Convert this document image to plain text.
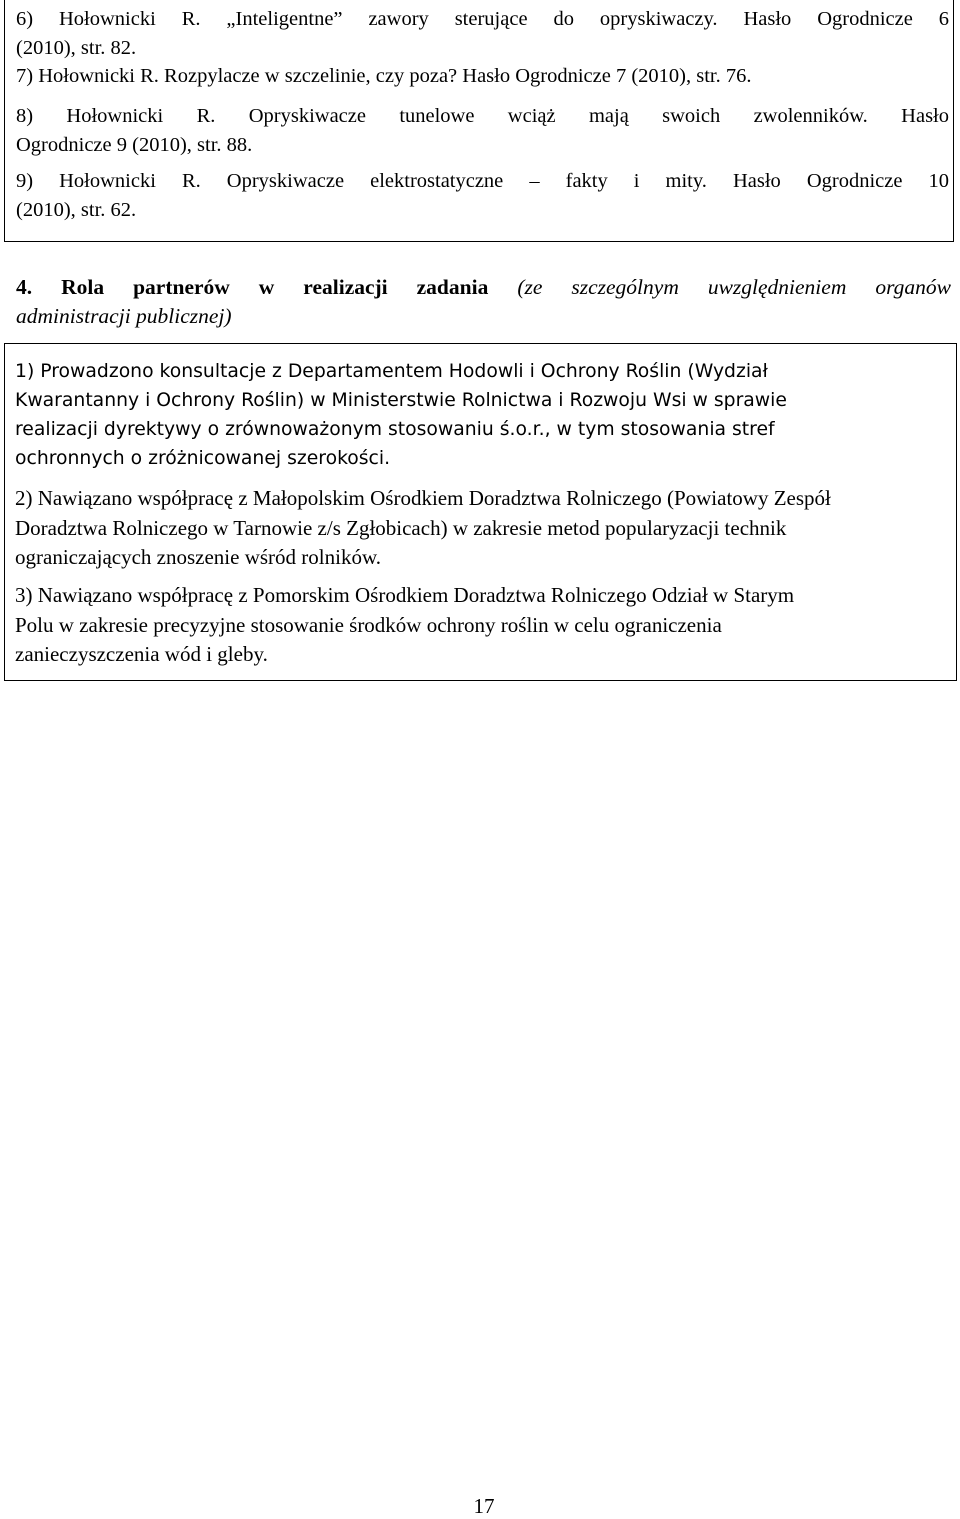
6) Hołownicki R. „Inteligentne” zawory sterujące do opryskiwaczy. Hasło Ogrodnicze 6
(2010), str. 82.
7) Hołownicki R. Rozpylacze w szczelinie, czy poza? Hasło Ogrodnicze 7 (2010), str. 76.
8) Hołownicki R. Opryskiwacze tunelowe wciąż mają swoich zwolenników. Hasło
Ogrodnicze 9 (2010), str. 88.
9) Hołownicki R. Opryskiwacze elektrostatyczne – fakty i mity. Hasło Ogrodnicze 10
(2010), str. 62.
4. Rola partnerów w realizacji zadania (ze szczególnym uwzględnieniem organów
administracji publicznej)
1) Prowadzono konsultacje z Departamentem Hodowli i Ochrony Roślin (Wydział
Kwarantanny i Ochrony Roślin) w Ministerstwie Rolnictwa i Rozwoju Wsi w sprawie
realizacji dyrektywy o zrównoważonym stosowaniu ś.o.r., w tym stosowania stref
ochronnych o zróżnicowanej szerokości.
2) Nawiązano współpracę z Małopolskim Ośrodkiem Doradztwa Rolniczego (Powiatowy Zespół
Doradztwa Rolniczego w Tarnowie z/s Zgłobicach) w zakresie metod popularyzacji technik
ograniczających znoszenie wśród rolników.
3) Nawiązano współpracę z Pomorskim Ośrodkiem Doradztwa Rolniczego Odział w Starym
Polu w zakresie precyzyjne stosowanie środków ochrony roślin w celu ograniczenia
zanieczyszczenia wód i gleby.
17
